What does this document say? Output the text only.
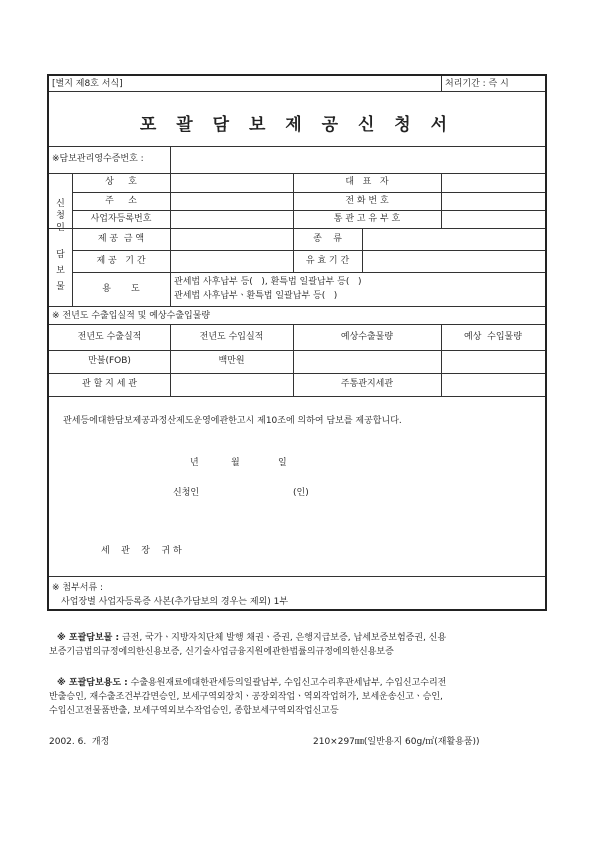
[별지 제8호 서식]	처리기간 : 즉 시
포 괄 담 보 제 공 신 청 서
※담보관리영수증번호 :
신
청
인
상     호	대   표   자
주     소	전 화 번 호
사업자등록번호	통 관 고 유 부 호
담
보
물
제 공  금 액	종    류
제 공   기 간	유 효 기 간
용       도
관세법 사후납부 등(   ), 환특법 일괄납부 등(   )
관세법 사후납부ㆍ환특법 일괄납부 등(   )
※ 전년도 수출입실적 및 예상수출입물량
전년도 수출실적	전년도 수입실적	예상수출물량	예상  수입물량
만불(FOB)	백만원
관 할 지 세 관	주통관지세관
관세등에대한담보제공과정산제도운영에관한고시 제10조에 의하여 담보를 제공합니다.
년	월	일
신청인	(인)
세    관    장    귀 하
※ 첨부서류 :
사업장별 사업자등록증 사본(추가담보의 경우는 제외) 1부
※ 포괄담보물 : 금전, 국가ㆍ지방자치단체 발행 채권ㆍ증권, 은행지급보증, 납세보증보험증권, 신용
보증기금법의규정에의한신용보증, 신기술사업금융지원에관한법률의규정에의한신용보증
※ 포괄담보용도 : 수출용원재료에대한관세등의일괄납부, 수입신고수리후관세납부, 수입신고수리전
반출승인, 재수출조건부감면승인, 보세구역외장치ㆍ공장외작업ㆍ역외작업허가, 보세운송신고ㆍ승인,
수입신고전물품반출, 보세구역외보수작업승인, 종합보세구역외작업신고등
2002. 6.  개정	210×297㎜(일반용지 60g/㎡(재활용품))
